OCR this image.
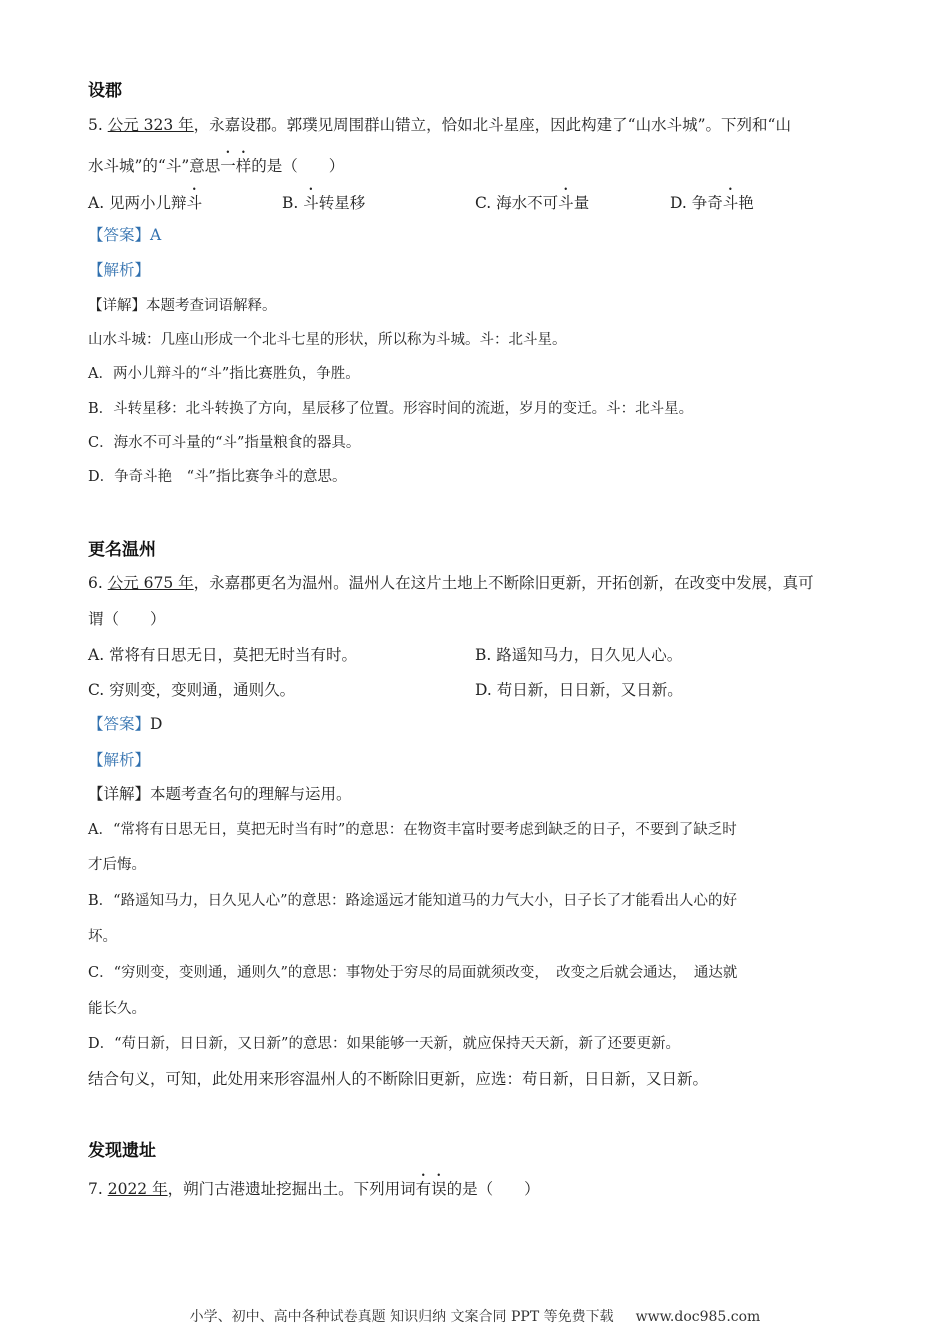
设郡
5. 公元 323 年，永嘉设郡。郭璞见周围群山错立，恰如北斗星座，因此构建了“山水斗城”。下列和“山
水斗城”的“斗”意思一样的是（　　）
A. 见两小儿辩斗	B. 斗转星移	C. 海水不可斗量	D. 争奇斗艳
【答案】A
【解析】
【详解】本题考查词语解释。
山水斗城：几座山形成一个北斗七星的形状，所以称为斗城。斗：北斗星。
A．两小儿辩斗的“斗”指比赛胜负，争胜。
B．斗转星移：北斗转换了方向，星辰移了位置。形容时间的流逝，岁月的变迁。斗：北斗星。
C．海水不可斗量的“斗”指量粮食的器具。
D．争奇斗艳　“斗”指比赛争斗的意思。
更名温州
6. 公元 675 年，永嘉郡更名为温州。温州人在这片土地上不断除旧更新，开拓创新，在改变中发展，真可
谓（　　）
A. 常将有日思无日，莫把无时当有时。	B. 路遥知马力，日久见人心。
C. 穷则变，变则通，通则久。	D. 苟日新，日日新，又日新。
【答案】D
【解析】
【详解】本题考查名句的理解与运用。
A．“常将有日思无日，莫把无时当有时”的意思：在物资丰富时要考虑到缺乏的日子，不要到了缺乏时
才后悔。
B．“路遥知马力，日久见人心”的意思：路途遥远才能知道马的力气大小，日子长了才能看出人心的好
坏。
C．“穷则变，变则通，通则久”的意思：事物处于穷尽的局面就须改变，　改变之后就会通达，　通达就
能长久。
D．“苟日新，日日新，又日新”的意思：如果能够一天新，就应保持天天新，新了还要更新。
结合句义，可知，此处用来形容温州人的不断除旧更新，应选：苟日新，日日新，又日新。
发现遗址
7. 2022 年，朔门古港遗址挖掘出土。下列用词有误的是（　　）
小学、初中、高中各种试卷真题 知识归纳 文案合同 PPT 等免费下载 www.doc985.com
